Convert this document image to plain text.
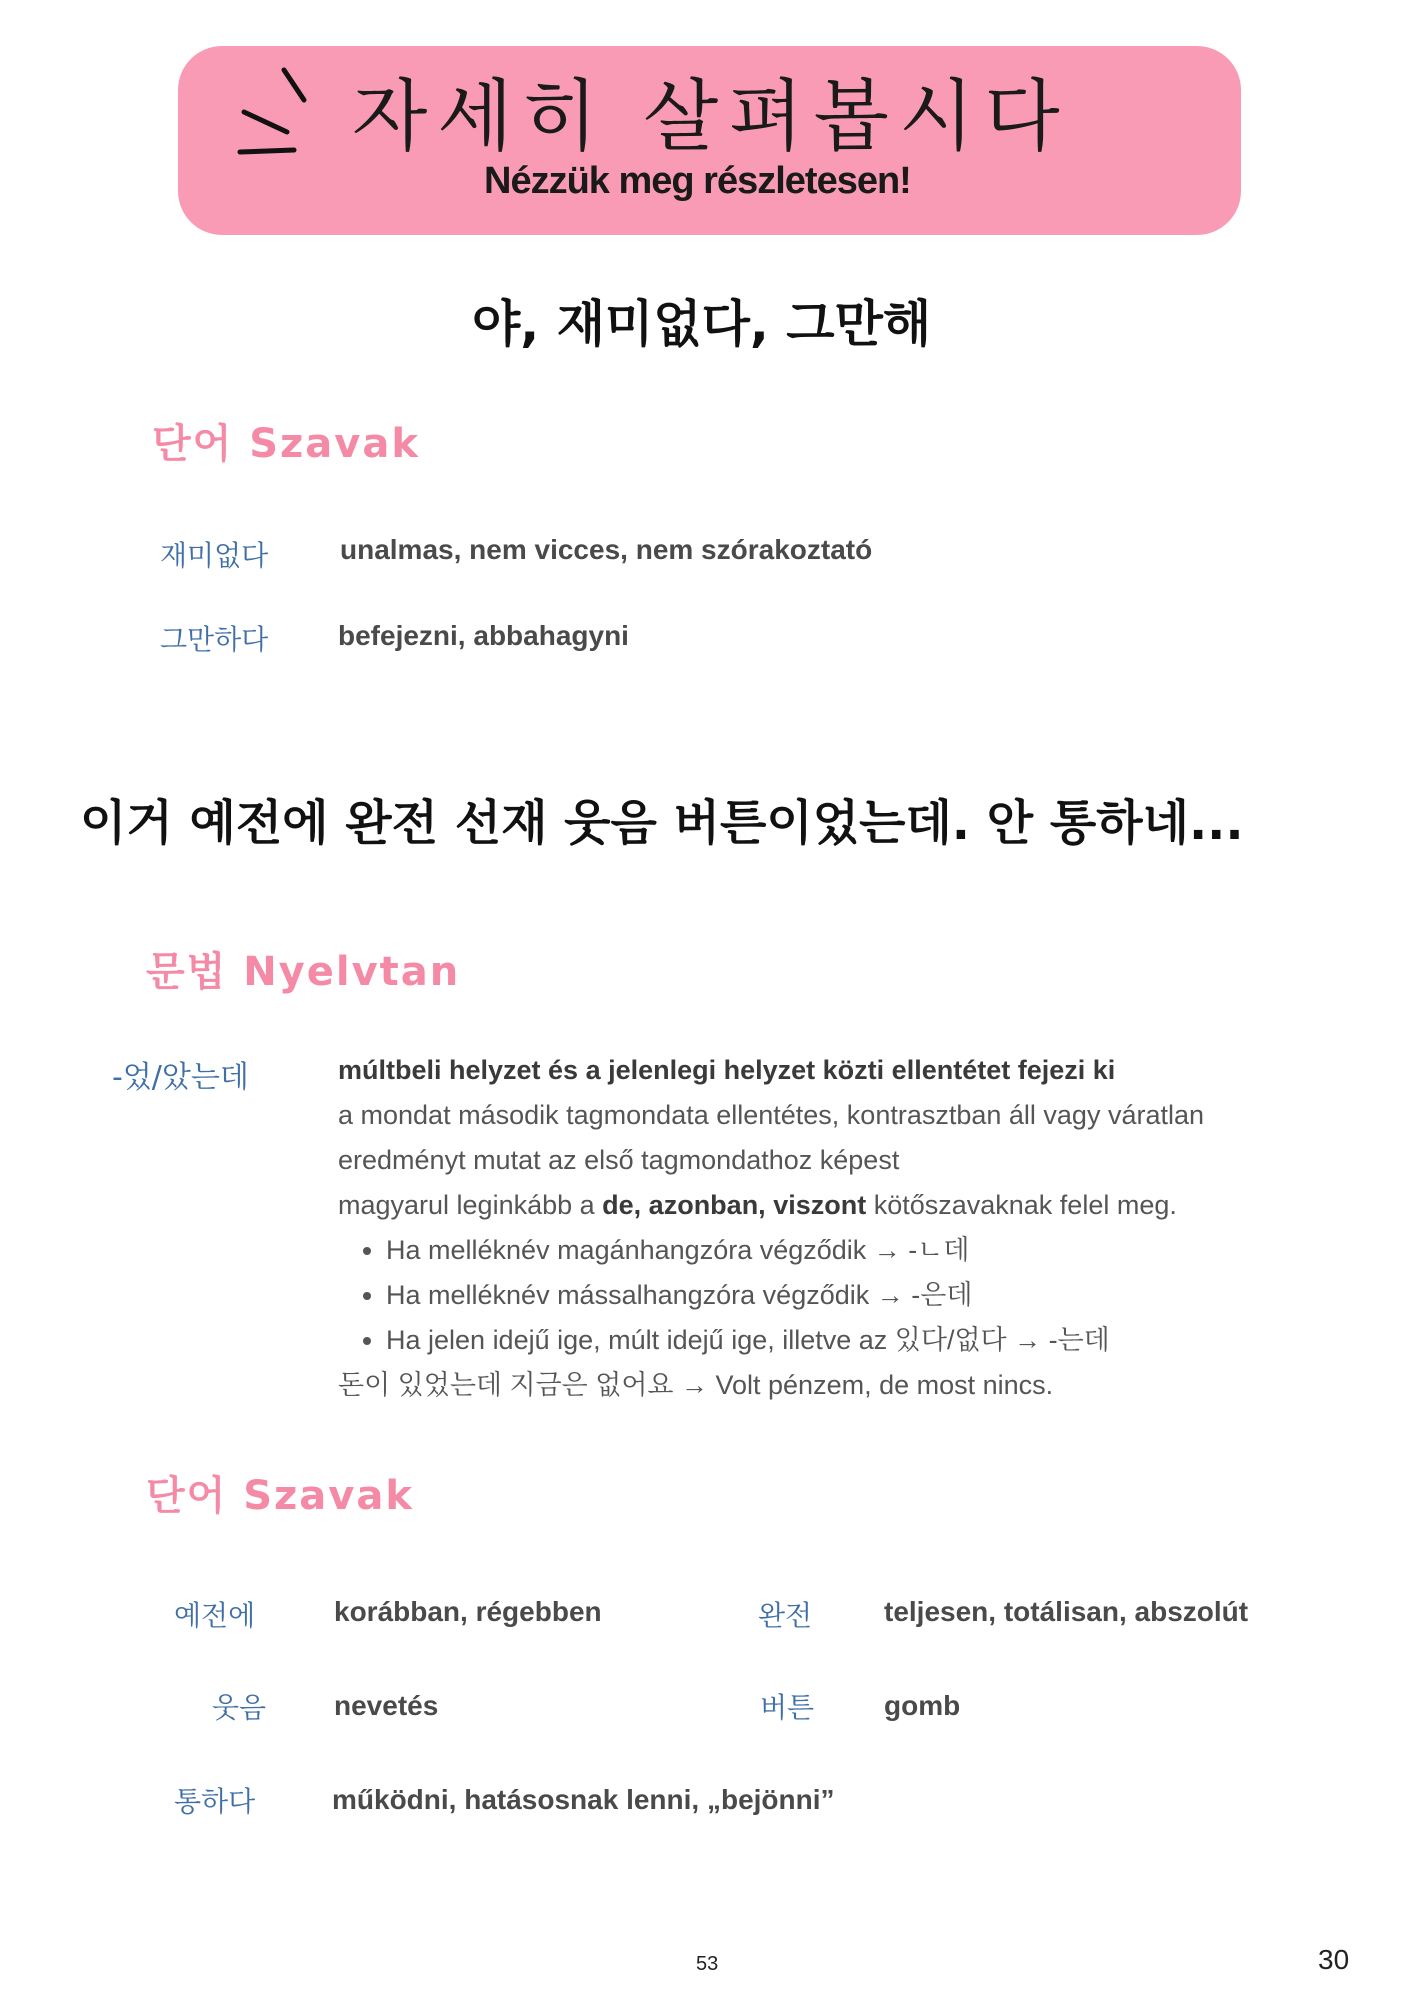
자세히 살펴봅시다
Nézzük meg részletesen!
야, 재미없다, 그만해
단어 Szavak
재미없다	unalmas, nem vicces, nem szórakoztató
그만하다 befejezni, abbahagyni
이거 예전에 완전 선재 웃음 버튼이었는데. 안 통하네...
문법 Nyelvtan
-었/았는데	múltbeli helyzet és a jelenlegi helyzet közti ellentétet fejezi ki
a mondat második tagmondata ellentétes, kontrasztban áll vagy váratlan
eredményt mutat az első tagmondathoz képest
magyarul leginkább a de, azonban, viszont kötőszavaknak felel meg.
• Ha melléknév magánhangzóra végződik → -ㄴ데
• Ha melléknév mássalhangzóra végződik → -은데
• Ha jelen idejű ige, múlt idejű ige, illetve az 있다/없다 → -는데
돈이 있었는데 지금은 없어요 → Volt pénzem, de most nincs.
단어 Szavak
예전에	korábban, régebben	완전	teljesen, totálisan, abszolút
웃음 nevetés	버튼 gomb
통하다	működni, hatásosnak lenni, „bejönni”
53	30
